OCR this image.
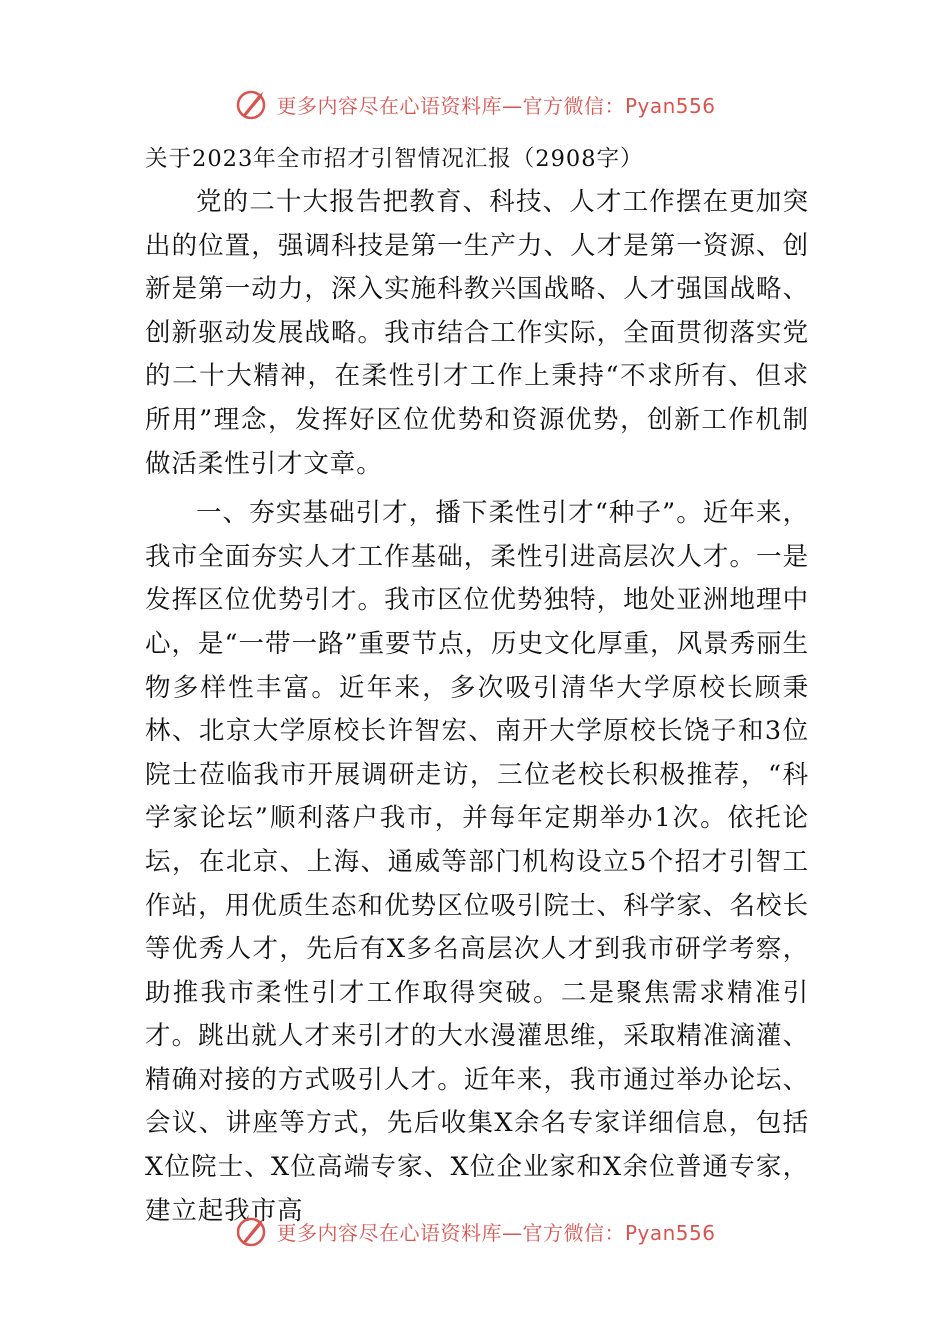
更多内容尽在心语资料库—官方微信：Pyan556

关于2023年全市招才引智情况汇报（2908字）

党的二十大报告把教育、科技、人才工作摆在更加突出的位置，强调科技是第一生产力、人才是第一资源、创新是第一动力，深入实施科教兴国战略、人才强国战略、创新驱动发展战略。我市结合工作实际，全面贯彻落实党的二十大精神，在柔性引才工作上秉持“不求所有、但求所用”理念，发挥好区位优势和资源优势，创新工作机制做活柔性引才文章。

一、夯实基础引才，播下柔性引才“种子”。近年来，我市全面夯实人才工作基础，柔性引进高层次人才。一是发挥区位优势引才。我市区位优势独特，地处亚洲地理中心，是“一带一路”重要节点，历史文化厚重，风景秀丽生物多样性丰富。近年来，多次吸引清华大学原校长顾秉林、北京大学原校长许智宏、南开大学原校长饶子和3位院士莅临我市开展调研走访，三位老校长积极推荐，“科学家论坛”顺利落户我市，并每年定期举办1次。依托论坛，在北京、上海、通威等部门机构设立5个招才引智工作站，用优质生态和优势区位吸引院士、科学家、名校长等优秀人才，先后有X多名高层次人才到我市研学考察，助推我市柔性引才工作取得突破。二是聚焦需求精准引才。跳出就人才来引才的大水漫灌思维，采取精准滴灌、精确对接的方式吸引人才。近年来，我市通过举办论坛、会议、讲座等方式，先后收集X余名专家详细信息，包括X位院士、X位高端专家、X位企业家和X余位普通专家，建立起我市高

更多内容尽在心语资料库—官方微信：Pyan556
